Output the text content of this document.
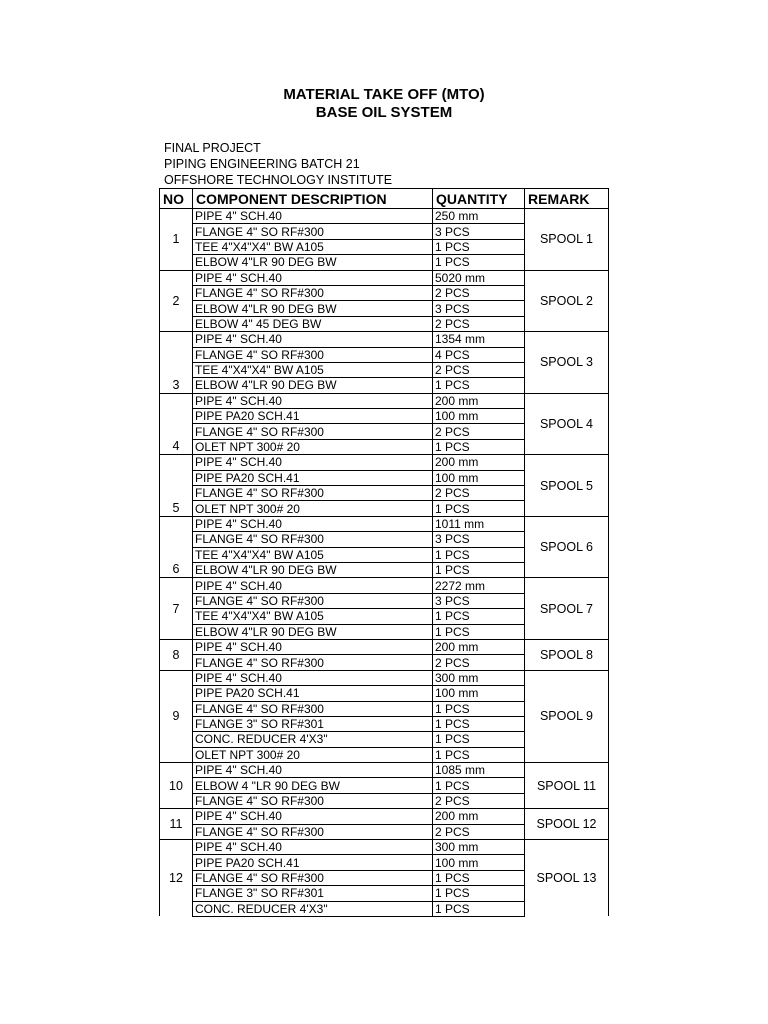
MATERIAL TAKE OFF (MTO)
BASE OIL SYSTEM
FINAL PROJECT
PIPING ENGINEERING BATCH 21
OFFSHORE TECHNOLOGY INSTITUTE
NO	COMPONENT DESCRIPTION	QUANTITY	REMARK
1	PIPE 4" SCH.40	250 mm	SPOOL 1
	FLANGE 4" SO RF#300	3 PCS	
	TEE 4"X4"X4" BW A105	1 PCS	
	ELBOW 4"LR 90 DEG BW	1 PCS	
2	PIPE 4" SCH.40	5020 mm	SPOOL 2
	FLANGE 4" SO RF#300	2 PCS	
	ELBOW 4"LR 90 DEG BW	3 PCS	
	ELBOW 4" 45 DEG BW	2 PCS	
3	PIPE 4" SCH.40	1354 mm	SPOOL 3
	FLANGE 4" SO RF#300	4 PCS	
	TEE 4"X4"X4" BW A105	2 PCS	
	ELBOW 4"LR 90 DEG BW	1 PCS	
4	PIPE 4" SCH.40	200 mm	SPOOL 4
	PIPE PA20 SCH.41	100 mm	
	FLANGE 4" SO RF#300	2 PCS	
	OLET NPT 300# 20	1 PCS	
5	PIPE 4" SCH.40	200 mm	SPOOL 5
	PIPE PA20 SCH.41	100 mm	
	FLANGE 4" SO RF#300	2 PCS	
	OLET NPT 300# 20	1 PCS	
6	PIPE 4" SCH.40	1011 mm	SPOOL 6
	FLANGE 4" SO RF#300	3 PCS	
	TEE 4"X4"X4" BW A105	1 PCS	
	ELBOW 4"LR 90 DEG BW	1 PCS	
7	PIPE 4" SCH.40	2272 mm	SPOOL 7
	FLANGE 4" SO RF#300	3 PCS	
	TEE 4"X4"X4" BW A105	1 PCS	
	ELBOW 4"LR 90 DEG BW	1 PCS	
8	PIPE 4" SCH.40	200 mm	SPOOL 8
	FLANGE 4" SO RF#300	2 PCS	
9	PIPE 4" SCH.40	300 mm	SPOOL 9
	PIPE PA20 SCH.41	100 mm	
	FLANGE 4" SO RF#300	1 PCS	
	FLANGE 3" SO RF#301	1 PCS	
	CONC. REDUCER 4'X3"	1 PCS	
	OLET NPT 300# 20	1 PCS	
10	PIPE 4" SCH.40	1085 mm	SPOOL 11
	ELBOW 4 "LR 90 DEG BW	1 PCS	
	FLANGE 4" SO RF#300	2 PCS	
11	PIPE 4" SCH.40	200 mm	SPOOL 12
	FLANGE 4" SO RF#300	2 PCS	
12	PIPE 4" SCH.40	300 mm	SPOOL 13
	PIPE PA20 SCH.41	100 mm	
	FLANGE 4" SO RF#300	1 PCS	
	FLANGE 3" SO RF#301	1 PCS	
	CONC. REDUCER 4'X3"	1 PCS	
